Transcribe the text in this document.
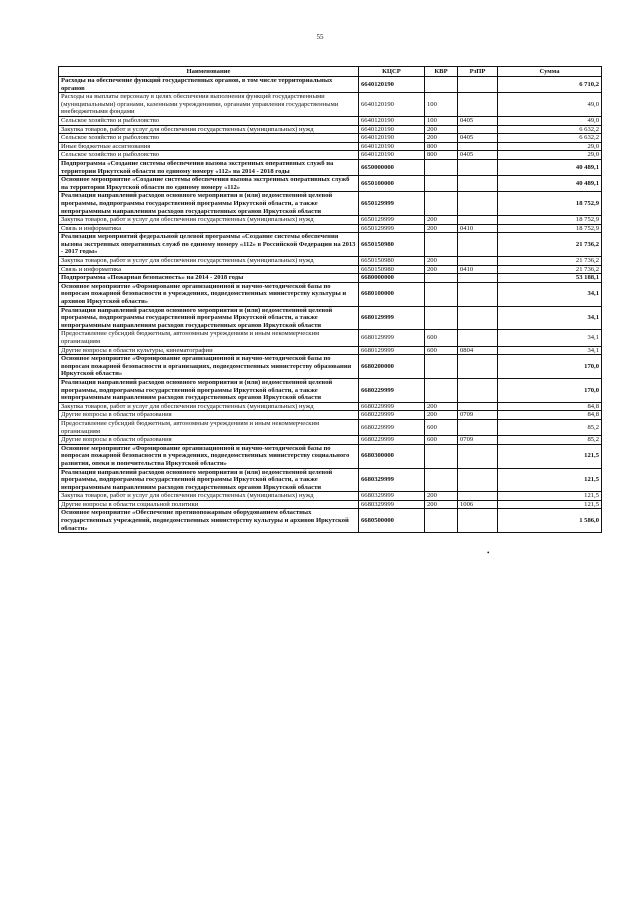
55
Наименование	КЦСР	КВР	РзПР	Сумма
Расходы на обеспечение функций государственных органов, в том числе территориальных органов	6640120190			6 710,2
Расходы на выплаты персоналу в целях обеспечения выполнения функций государственными (муниципальными) органами, казенными учреждениями, органами управления государственными внебюджетными фондами	6640120190	100		49,0
Сельское хозяйство и рыболовство	6640120190	100	0405	49,0
Закупка товаров, работ и услуг для обеспечения государственных (муниципальных) нужд	6640120190	200		6 632,2
Сельское хозяйство и рыболовство	6640120190	200	0405	6 632,2
Иные бюджетные ассигнования	6640120190	800		29,0
Сельское хозяйство и рыболовство	6640120190	800	0405	29,0
Подпрограмма «Создание системы обеспечения вызова экстренных оперативных служб на территории Иркутской области по единому номеру «112» на 2014 - 2018 годы	6650000000			40 489,1
Основное мероприятие «Создание системы обеспечения вызова экстренных оперативных служб на территории Иркутской области по единому номеру «112»	6650100000			40 489,1
Реализация направлений расходов основного мероприятия и (или) ведомственной целевой программы, подпрограммы государственной программы Иркутской области, а также непрограммным направлениям расходов государственных органов Иркутской области	6650129999			18 752,9
Закупка товаров, работ и услуг для обеспечения государственных (муниципальных) нужд	6650129999	200		18 752,9
Связь и информатика	6650129999	200	0410	18 752,9
Реализация мероприятий федеральной целевой программы «Создание системы обеспечения вызова экстренных оперативных служб по единому номеру «112» в Российской Федерации на 2013 - 2017 годы»	6650150980			21 736,2
Закупка товаров, работ и услуг для обеспечения государственных (муниципальных) нужд	6650150980	200		21 736,2
Связь и информатика	6650150980	200	0410	21 736,2
Подпрограмма «Пожарная безопасность» на 2014 - 2018 годы	6680000000			53 188,1
Основное мероприятие «Формирование организационной и научно-методической базы по вопросам пожарной безопасности в учреждениях, подведомственных министерству культуры и архивов Иркутской области»	6680100000			34,1
Реализация направлений расходов основного мероприятия и (или) ведомственной целевой программы, подпрограммы государственной программы Иркутской области, а также непрограммным направлениям расходов государственных органов Иркутской области	6680129999			34,1
Предоставление субсидий бюджетным, автономным учреждениям и иным некоммерческим организациям	6680129999	600		34,1
Другие вопросы в области культуры, кинематографии	6680129999	600	0804	34,1
Основное мероприятие «Формирование организационной и научно-методической базы по вопросам пожарной безопасности в организациях, подведомственных министерству образования Иркутской области»	6680200000			170,0
Реализация направлений расходов основного мероприятия и (или) ведомственной целевой программы, подпрограммы государственной программы Иркутской области, а также непрограммным направлениям расходов государственных органов Иркутской области	6680229999			170,0
Закупка товаров, работ и услуг для обеспечения государственных (муниципальных) нужд	6680229999	200		84,8
Другие вопросы в области образования	6680229999	200	0709	84,8
Предоставление субсидий бюджетным, автономным учреждениям и иным некоммерческим организациям	6680229999	600		85,2
Другие вопросы в области образования	6680229999	600	0709	85,2
Основное мероприятие «Формирование организационной и научно-методической базы по вопросам пожарной безопасности в учреждениях, подведомственных министерству социального развития, опеки и попечительства Иркутской области»	6680300000			121,5
Реализация направлений расходов основного мероприятия и (или) ведомственной целевой программы, подпрограммы государственной программы Иркутской области, а также непрограммным направлениям расходов государственных органов Иркутской области	6680329999			121,5
Закупка товаров, работ и услуг для обеспечения государственных (муниципальных) нужд	6680329999	200		121,5
Другие вопросы в области социальной политики	6680329999	200	1006	121,5
Основное мероприятие «Обеспечение противопожарным оборудованием областных государственных учреждений, подведомственных министерству культуры и архивов Иркутской области»	6680500000			1 586,0
•
